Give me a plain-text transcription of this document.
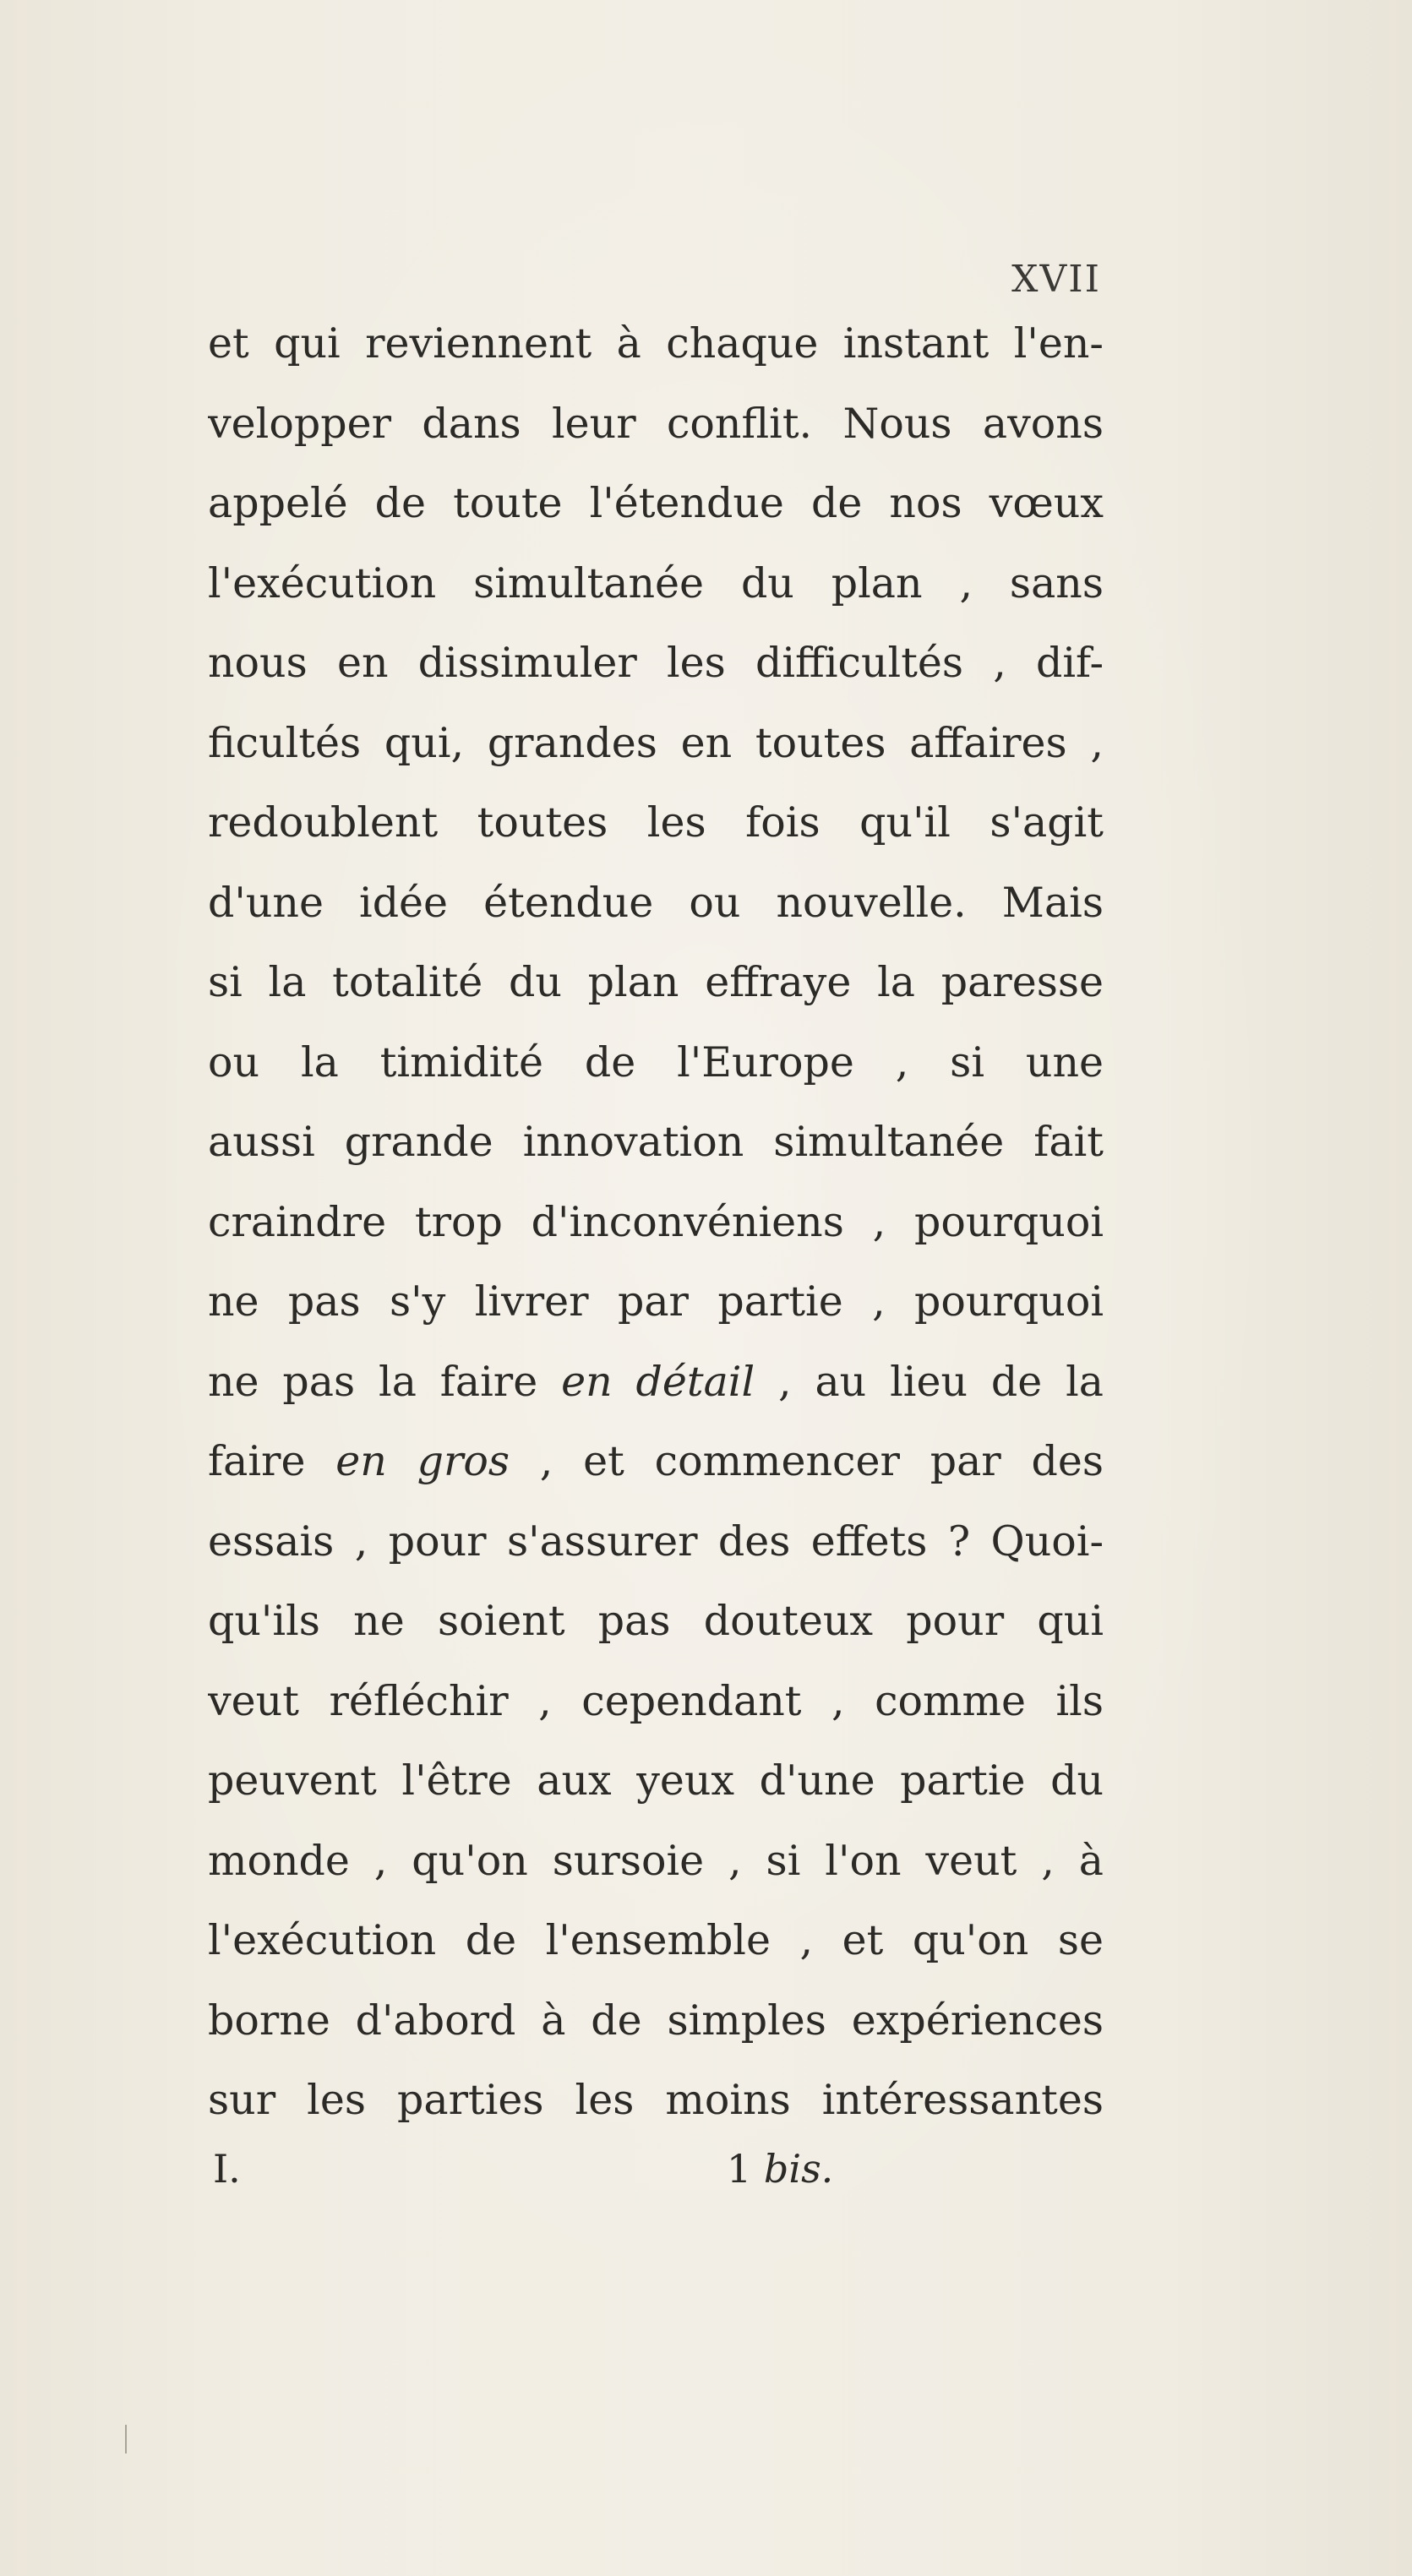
XVII
et qui reviennent à chaque instant l'en-
velopper dans leur conflit. Nous avons
appelé de toute l'étendue de nos vœux
l'exécution simultanée du plan , sans
nous en dissimuler les difficultés , dif-
ficultés qui, grandes en toutes affaires ,
redoublent toutes les fois qu'il s'agit
d'une idée étendue ou nouvelle. Mais
si la totalité du plan effraye la paresse
ou la timidité de l'Europe , si une
aussi grande innovation simultanée fait
craindre trop d'inconvéniens , pourquoi
ne pas s'y livrer par partie , pourquoi
ne pas la faire en détail , au lieu de la
faire en gros , et commencer par des
essais , pour s'assurer des effets ? Quoi-
qu'ils ne soient pas douteux pour qui
veut réfléchir , cependant , comme ils
peuvent l'être aux yeux d'une partie du
monde , qu'on sursoie , si l'on veut , à
l'exécution de l'ensemble , et qu'on se
borne d'abord à de simples expériences
sur les parties les moins intéressantes
I.	1 bis.
